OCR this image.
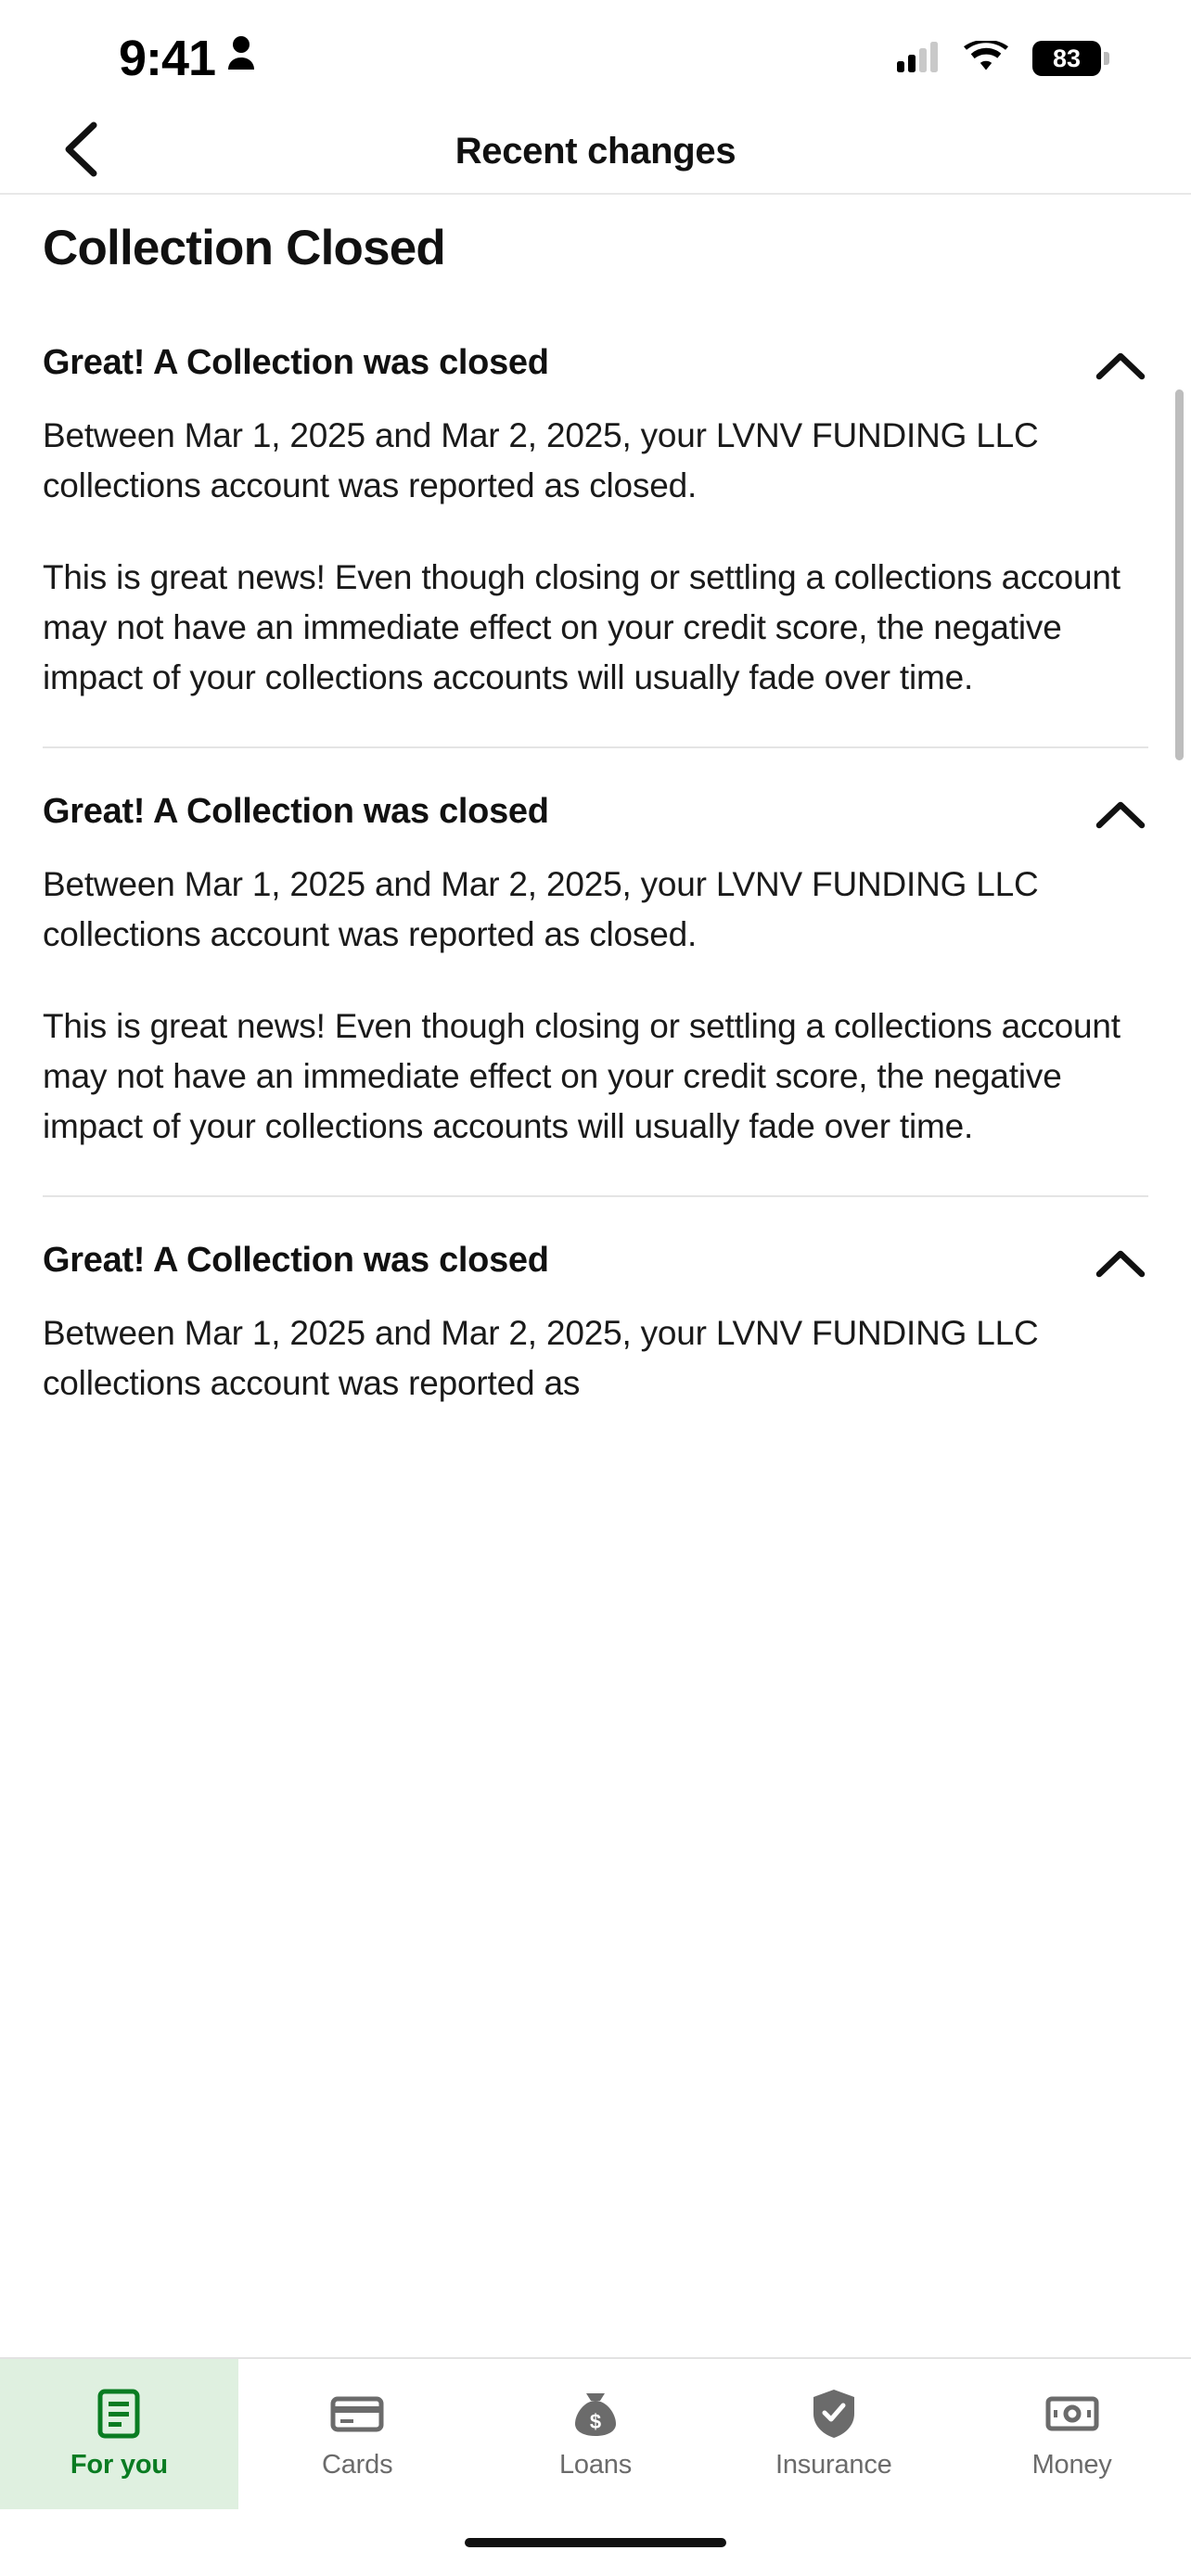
9:41	83
Recent changes
Collection Closed
Great! A Collection was closed

Between Mar 1, 2025 and Mar 2, 2025, your LVNV FUNDING LLC collections account was reported as closed.

This is great news! Even though closing or settling a collections account may not have an immediate effect on your credit score, the negative impact of your collections accounts will usually fade over time.

Great! A Collection was closed

Between Mar 1, 2025 and Mar 2, 2025, your LVNV FUNDING LLC collections account was reported as closed.

This is great news! Even though closing or settling a collections account may not have an immediate effect on your credit score, the negative impact of your collections accounts will usually fade over time.

Great! A Collection was closed

Between Mar 1, 2025 and Mar 2, 2025, your LVNV FUNDING LLC collections account was reported as

For you	Cards
$
Loans	Insurance	Money
